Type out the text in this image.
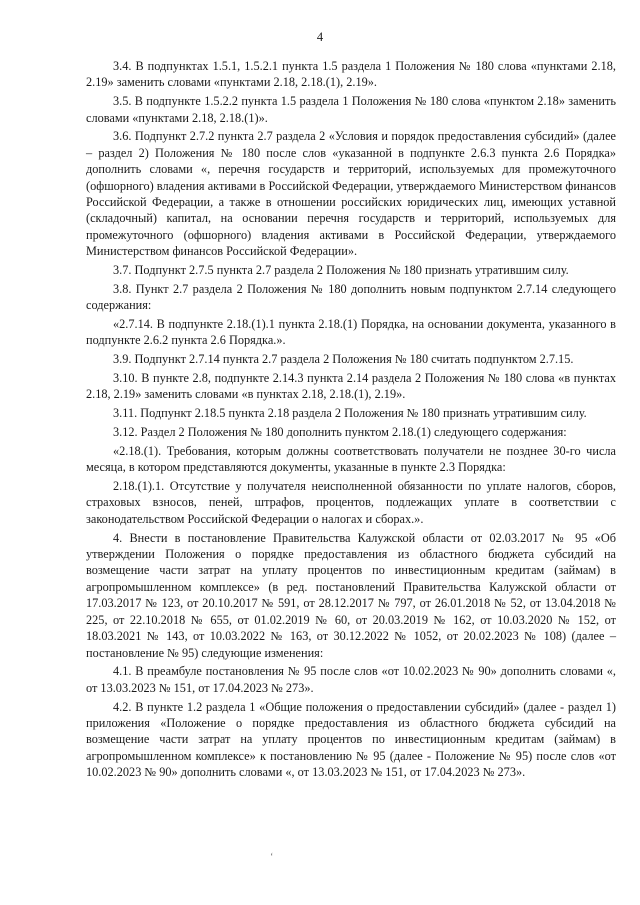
4

3.4. В подпунктах 1.5.1, 1.5.2.1 пункта 1.5 раздела 1 Положения № 180 слова «пунктами 2.18, 2.19» заменить словами «пунктами 2.18, 2.18.(1), 2.19».

3.5. В подпункте 1.5.2.2 пункта 1.5 раздела 1 Положения № 180 слова «пунктом 2.18» заменить словами «пунктами 2.18, 2.18.(1)».

3.6. Подпункт 2.7.2 пункта 2.7 раздела 2 «Условия и порядок предоставления субсидий» (далее – раздел 2) Положения № 180 после слов «указанной в подпункте 2.6.3 пункта 2.6 Порядка» дополнить словами «, перечня государств и территорий, используемых для промежуточного (офшорного) владения активами в Российской Федерации, утверждаемого Министерством финансов Российской Федерации, а также в отношении российских юридических лиц, имеющих уставной (складочный) капитал, на основании перечня государств и территорий, используемых для промежуточного (офшорного) владения активами в Российской Федерации, утверждаемого Министерством финансов Российской Федерации».

3.7. Подпункт 2.7.5 пункта 2.7 раздела 2 Положения № 180 признать утратившим силу.

3.8. Пункт 2.7 раздела 2 Положения № 180 дополнить новым подпунктом 2.7.14 следующего содержания:

«2.7.14. В подпункте 2.18.(1).1 пункта 2.18.(1) Порядка, на основании документа, указанного в подпункте 2.6.2 пункта 2.6 Порядка.».

3.9. Подпункт 2.7.14 пункта 2.7 раздела 2 Положения № 180 считать подпунктом 2.7.15.

3.10. В пункте 2.8, подпункте 2.14.3 пункта 2.14 раздела 2 Положения № 180 слова «в пунктах 2.18, 2.19» заменить словами «в пунктах 2.18, 2.18.(1), 2.19».

3.11. Подпункт 2.18.5 пункта 2.18 раздела 2 Положения № 180 признать утратившим силу.

3.12. Раздел 2 Положения № 180 дополнить пунктом 2.18.(1) следующего содержания:

«2.18.(1). Требования, которым должны соответствовать получатели не позднее 30-го числа месяца, в котором представляются документы, указанные в пункте 2.3 Порядка:

2.18.(1).1. Отсутствие у получателя неисполненной обязанности по уплате налогов, сборов, страховых взносов, пеней, штрафов, процентов, подлежащих уплате в соответствии с законодательством Российской Федерации о налогах и сборах.».

4. Внести в постановление Правительства Калужской области от 02.03.2017 № 95 «Об утверждении Положения о порядке предоставления из областного бюджета субсидий на возмещение части затрат на уплату процентов по инвестиционным кредитам (займам) в агропромышленном комплексе» (в ред. постановлений Правительства Калужской области от 17.03.2017 № 123, от 20.10.2017 № 591, от 28.12.2017 № 797, от 26.01.2018 № 52, от 13.04.2018 № 225, от 22.10.2018 № 655, от 01.02.2019 № 60, от 20.03.2019 № 162, от 10.03.2020 № 152, от 18.03.2021 № 143, от 10.03.2022 № 163, от 30.12.2022 № 1052, от 20.02.2023 № 108) (далее – постановление № 95) следующие изменения:

4.1. В преамбуле постановления № 95 после слов «от 10.02.2023 № 90» дополнить словами «, от 13.03.2023 № 151, от 17.04.2023 № 273».

4.2. В пункте 1.2 раздела 1 «Общие положения о предоставлении субсидий» (далее - раздел 1) приложения «Положение о порядке предоставления из областного бюджета субсидий на возмещение части затрат на уплату процентов по инвестиционным кредитам (займам) в агропромышленном комплексе» к постановлению № 95 (далее - Положение № 95) после слов «от 10.02.2023 № 90» дополнить словами «, от 13.03.2023 № 151, от 17.04.2023 № 273».

ʻ
